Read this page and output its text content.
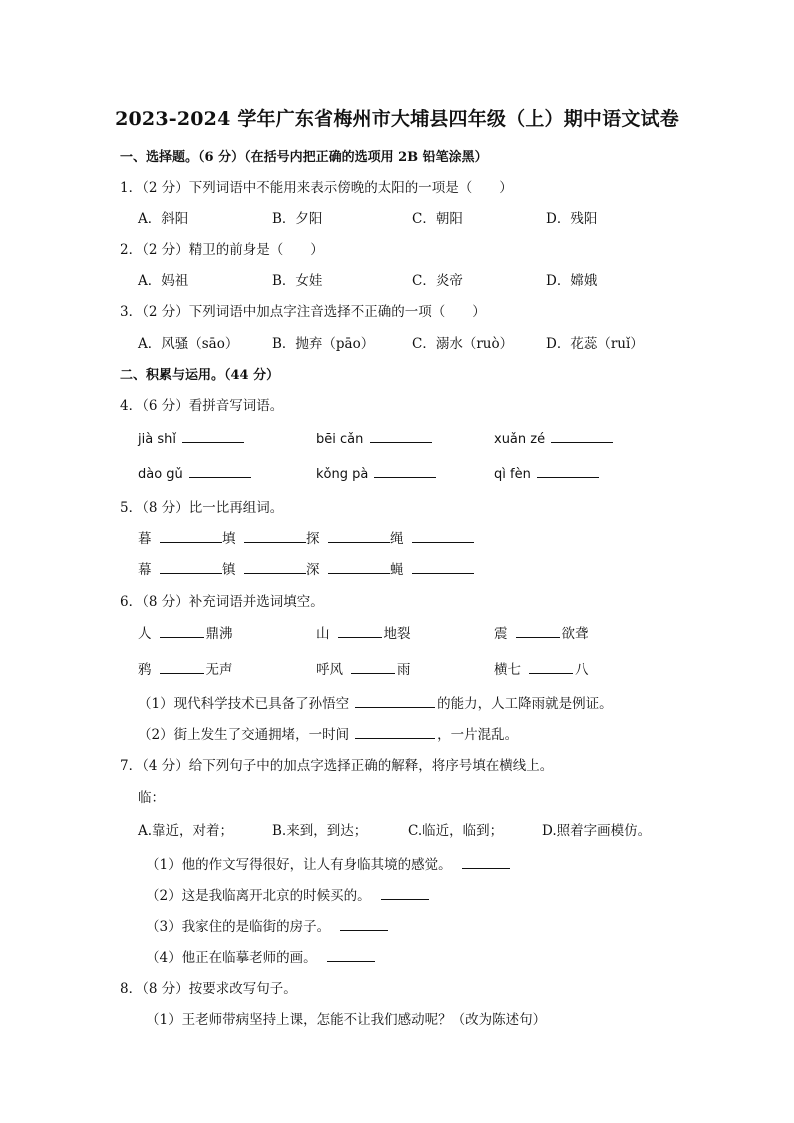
2023-2024 学年广东省梅州市大埔县四年级（上）期中语文试卷
一、选择题。（6 分）（在括号内把正确的选项用 2B 铅笔涂黑）
1．（2 分）下列词语中不能用来表示傍晚的太阳的一项是（　　）
A．斜阳	B．夕阳	C．朝阳	D．残阳
2．（2 分）精卫的前身是（　　）
A．妈祖	B．女娃	C．炎帝	D．嫦娥
3．（2 分）下列词语中加点字注音选择不正确的一项（　　）
A．风骚（sāo） B．抛弃（pāo）	C．溺水（ruò） D．花蕊（ruǐ）
二、积累与运用。（44 分）
4．（6 分）看拼音写词语。
jià shǐ	bēi cǎn	xuǎn zé
dào gǔ	kǒng pà	qì fèn
5．（8 分）比一比再组词。
暮	填	探	绳
幕	镇	深	蝇
6．（8 分）补充词语并选词填空。
人	鼎沸	山	地裂	震	欲聋
鸦	无声	呼风	雨	横七	八
（1）现代科学技术已具备了孙悟空	的能力，人工降雨就是例证。
（2）街上发生了交通拥堵，一时间	，一片混乱。
7．（4 分）给下列句子中的加点字选择正确的解释，将序号填在横线上。
临：
A.靠近，对着；	B.来到，到达；	C.临近，临到；	D.照着字画模仿。
（1）他的作文写得很好，让人有身临其境的感觉。
（2）这是我临离开北京的时候买的。
（3）我家住的是临街的房子。
（4）他正在临摹老师的画。
8．（8 分）按要求改写句子。
（1）王老师带病坚持上课，怎能不让我们感动呢？（改为陈述句）
